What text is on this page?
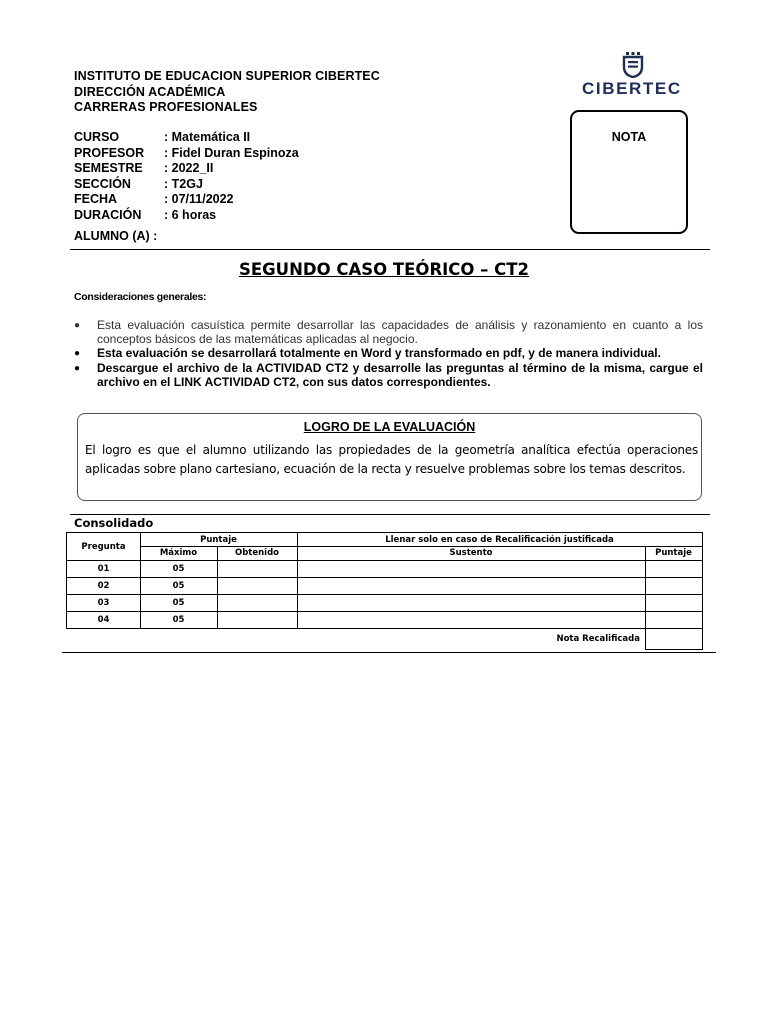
INSTITUTO DE EDUCACION SUPERIOR CIBERTEC
DIRECCIÓN ACADÉMICA
CARRERAS PROFESIONALES
CIBERTEC
CURSO	: Matemática II
PROFESOR	: Fidel Duran Espinoza
SEMESTRE	: 2022_II
SECCIÓN	: T2GJ
FECHA	: 07/11/2022
DURACIÓN	: 6 horas
ALUMNO (A) :
NOTA
SEGUNDO CASO TEÓRICO – CT2
Consideraciones generales:
● Esta evaluación casuística permite desarrollar las capacidades de análisis y razonamiento en cuanto a los conceptos básicos de las matemáticas aplicadas al negocio.
● Esta evaluación se desarrollará totalmente en Word y transformado en pdf, y de manera individual.
● Descargue el archivo de la ACTIVIDAD CT2 y desarrolle las preguntas al término de la misma, cargue el archivo en el LINK ACTIVIDAD CT2, con sus datos correspondientes.
LOGRO DE LA EVALUACIÓN
El logro es que el alumno utilizando las propiedades de la geometría analítica efectúa operaciones aplicadas sobre plano cartesiano, ecuación de la recta y resuelve problemas sobre los temas descritos.
Consolidado
Pregunta
Puntaje	Llenar solo en caso de Recalificación justificada
Máximo	Obtenido	Sustento	Puntaje
01	05
02	05
03	05
04	05
Nota Recalificada
